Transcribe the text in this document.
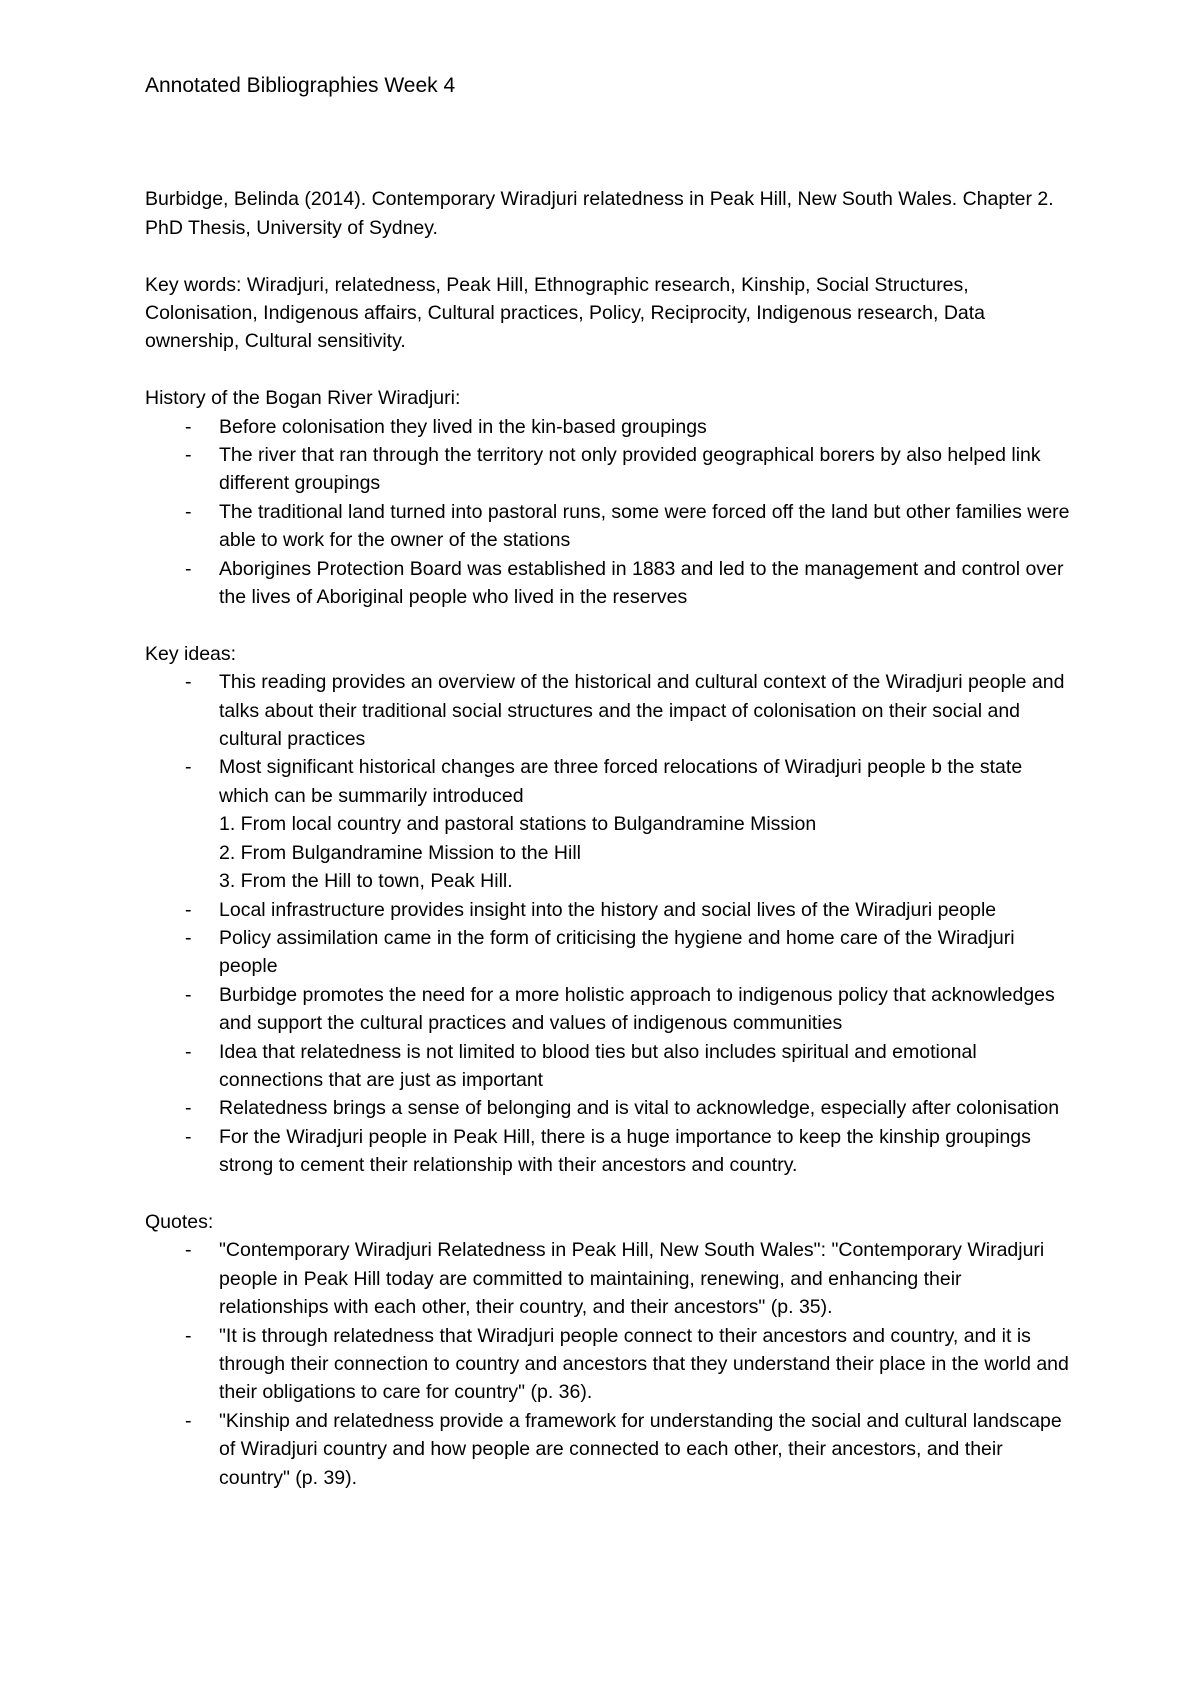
Annotated Bibliographies Week 4

Burbidge, Belinda (2014). Contemporary Wiradjuri relatedness in Peak Hill, New South Wales. Chapter 2. PhD Thesis, University of Sydney.

Key words: Wiradjuri, relatedness, Peak Hill, Ethnographic research, Kinship, Social Structures, Colonisation, Indigenous affairs, Cultural practices, Policy, Reciprocity, Indigenous research, Data ownership, Cultural sensitivity.

History of the Bogan River Wiradjuri:

- Before colonisation they lived in the kin-based groupings
- The river that ran through the territory not only provided geographical borers by also helped link different groupings
- The traditional land turned into pastoral runs, some were forced off the land but other families were able to work for the owner of the stations
- Aborigines Protection Board was established in 1883 and led to the management and control over the lives of Aboriginal people who lived in the reserves

Key ideas:

- This reading provides an overview of the historical and cultural context of the Wiradjuri people and talks about their traditional social structures and the impact of colonisation on their social and cultural practices
- Most significant historical changes are three forced relocations of Wiradjuri people b the state which can be summarily introduced
1. From local country and pastoral stations to Bulgandramine Mission
2. From Bulgandramine Mission to the Hill
3. From the Hill to town, Peak Hill.
- Local infrastructure provides insight into the history and social lives of the Wiradjuri people
- Policy assimilation came in the form of criticising the hygiene and home care of the Wiradjuri people
- Burbidge promotes the need for a more holistic approach to indigenous policy that acknowledges and support the cultural practices and values of indigenous communities
- Idea that relatedness is not limited to blood ties but also includes spiritual and emotional connections that are just as important
- Relatedness brings a sense of belonging and is vital to acknowledge, especially after colonisation
- For the Wiradjuri people in Peak Hill, there is a huge importance to keep the kinship groupings strong to cement their relationship with their ancestors and country.

Quotes:

- "Contemporary Wiradjuri Relatedness in Peak Hill, New South Wales": "Contemporary Wiradjuri people in Peak Hill today are committed to maintaining, renewing, and enhancing their relationships with each other, their country, and their ancestors" (p. 35).
- "It is through relatedness that Wiradjuri people connect to their ancestors and country, and it is through their connection to country and ancestors that they understand their place in the world and their obligations to care for country" (p. 36).
- "Kinship and relatedness provide a framework for understanding the social and cultural landscape of Wiradjuri country and how people are connected to each other, their ancestors, and their country" (p. 39).
